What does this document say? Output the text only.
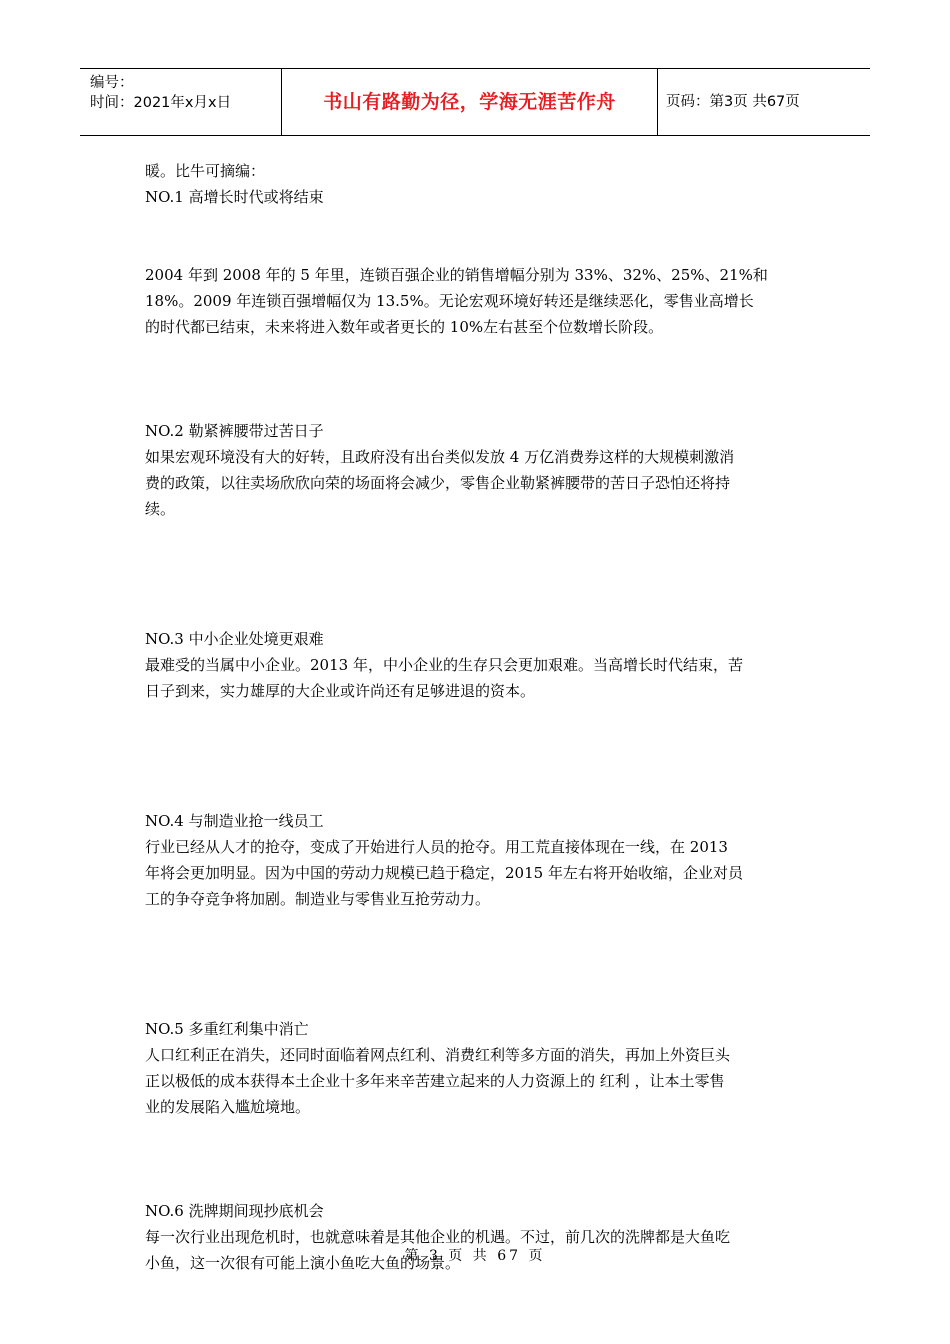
编号：
时间：2021年x月x日	书山有路勤为径，学海无涯苦作舟	页码：第3页 共67页
暖。比牛可摘编：
NO.1 高增长时代或将结束
2004 年到 2008 年的 5 年里，连锁百强企业的销售增幅分别为 33%、32%、25%、21%和
18%。2009 年连锁百强增幅仅为 13.5%。无论宏观环境好转还是继续恶化，零售业高增长
的时代都已结束，未来将进入数年或者更长的 10%左右甚至个位数增长阶段。
NO.2 勒紧裤腰带过苦日子
如果宏观环境没有大的好转，且政府没有出台类似发放 4 万亿消费券这样的大规模刺激消
费的政策，以往卖场欣欣向荣的场面将会减少，零售企业勒紧裤腰带的苦日子恐怕还将持
续。
NO.3 中小企业处境更艰难
最难受的当属中小企业。2013 年，中小企业的生存只会更加艰难。当高增长时代结束，苦
日子到来，实力雄厚的大企业或许尚还有足够进退的资本。
NO.4 与制造业抢一线员工
行业已经从人才的抢夺，变成了开始进行人员的抢夺。用工荒直接体现在一线，在 2013
年将会更加明显。因为中国的劳动力规模已趋于稳定，2015 年左右将开始收缩，企业对员
工的争夺竞争将加剧。制造业与零售业互抢劳动力。
NO.5 多重红利集中消亡
人口红利正在消失，还同时面临着网点红利、消费红利等多方面的消失，再加上外资巨头
正以极低的成本获得本土企业十多年来辛苦建立起来的人力资源上的 红利 ，让本土零售
业的发展陷入尴尬境地。
NO.6 洗牌期间现抄底机会
每一次行业出现危机时，也就意味着是其他企业的机遇。不过，前几次的洗牌都是大鱼吃
小鱼，这一次很有可能上演小鱼吃大鱼的场景。
第 3 页 共 67 页
